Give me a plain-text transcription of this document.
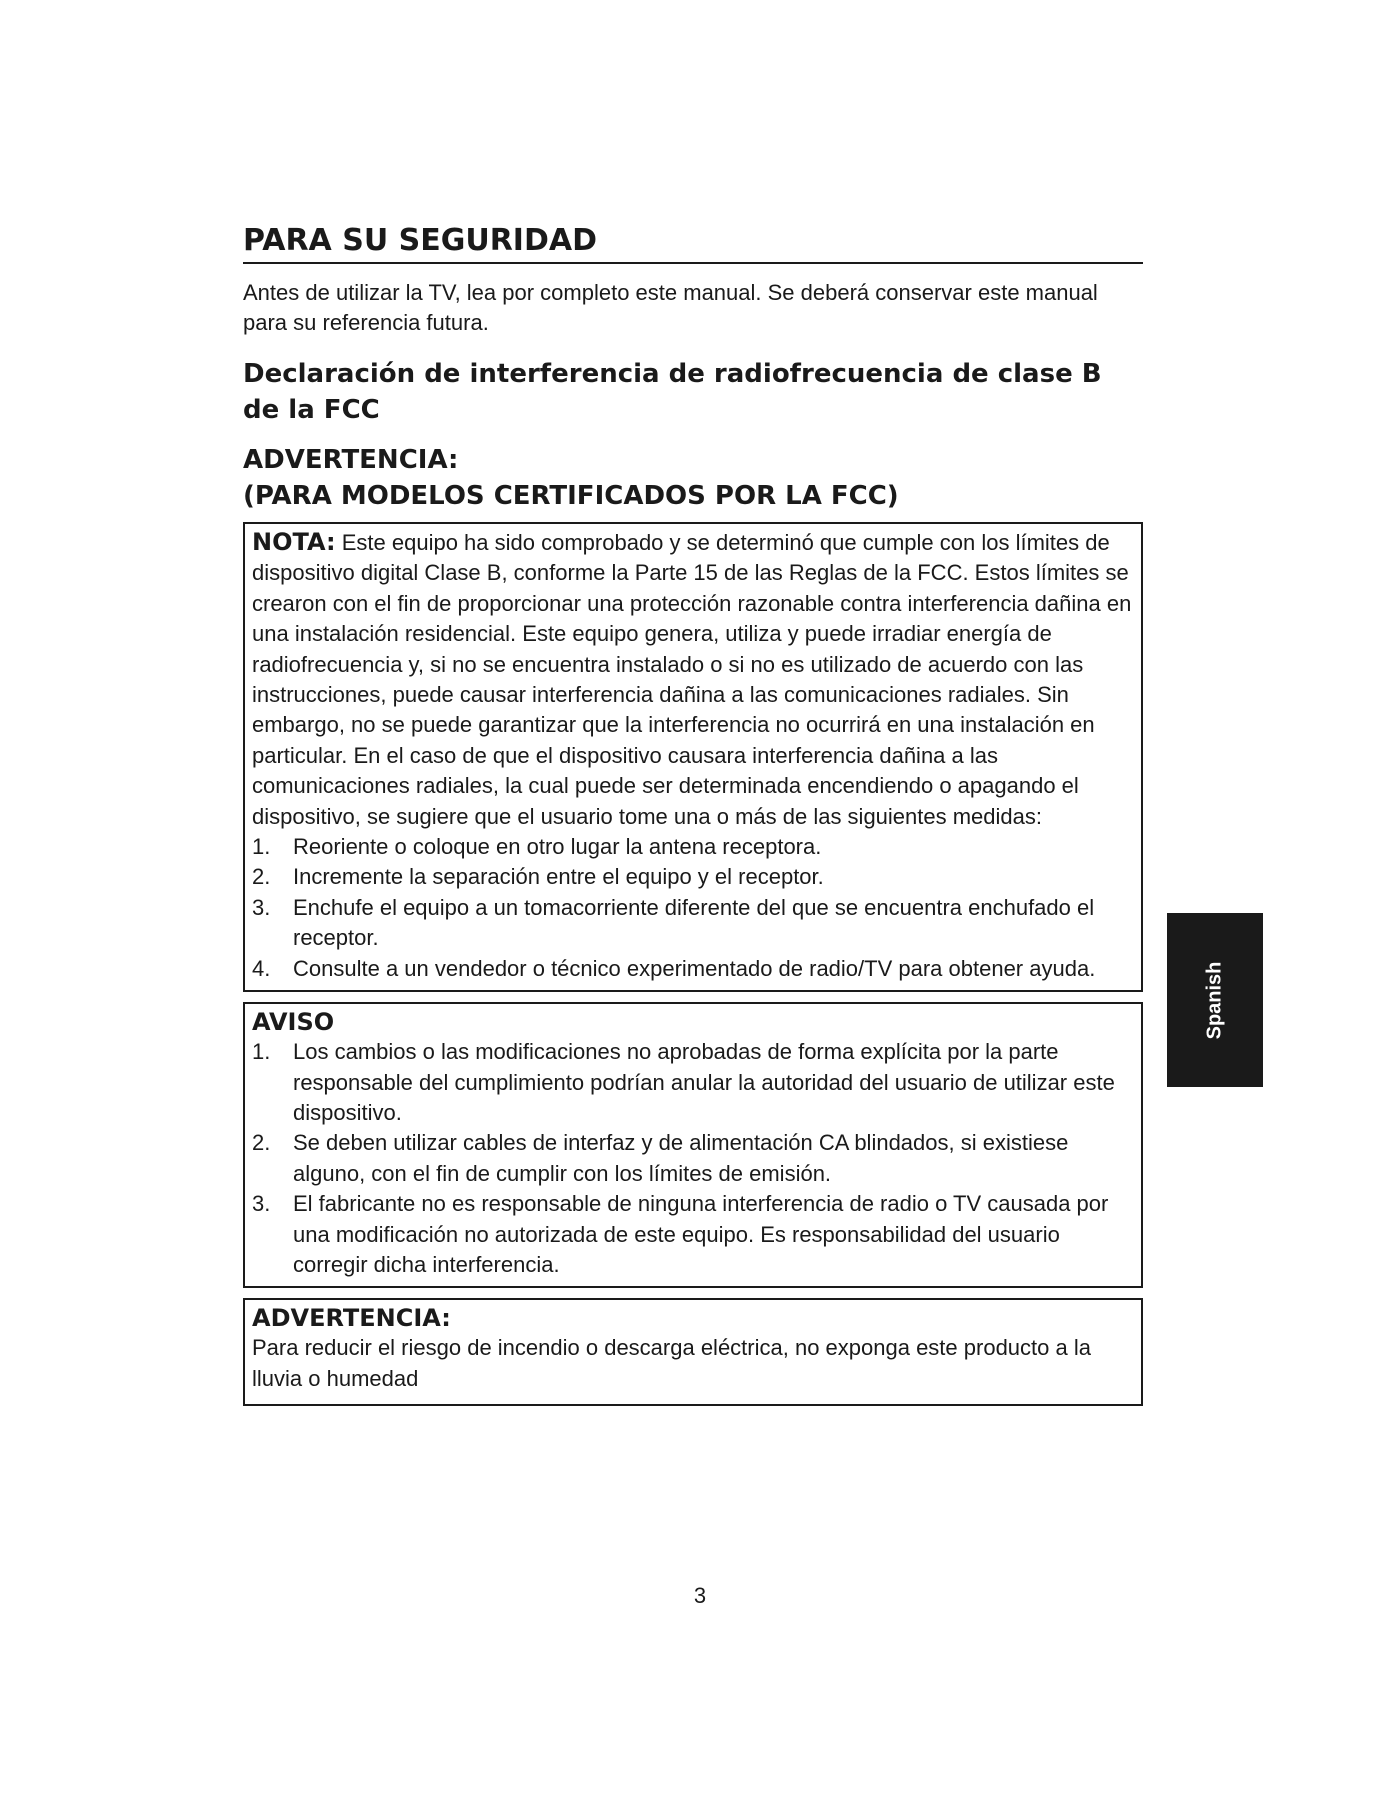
PARA SU SEGURIDAD

Antes de utilizar la TV, lea por completo este manual. Se deberá conservar este manual para su referencia futura.

Declaración de interferencia de radiofrecuencia de clase B de la FCC
ADVERTENCIA:
(PARA MODELOS CERTIFICADOS POR LA FCC)
NOTA: Este equipo ha sido comprobado y se determinó que cumple con los límites de dispositivo digital Clase B, conforme la Parte 15 de las Reglas de la FCC. Estos límites se crearon con el fin de proporcionar una protección razonable contra interferencia dañina en una instalación residencial. Este equipo genera, utiliza y puede irradiar energía de radiofrecuencia y, si no se encuentra instalado o si no es utilizado de acuerdo con las instrucciones, puede causar interferencia dañina a las comunicaciones radiales. Sin embargo, no se puede garantizar que la interferencia no ocurrirá en una instalación en particular. En el caso de que el dispositivo causara interferencia dañina a las comunicaciones radiales, la cual puede ser determinada encendiendo o apagando el dispositivo, se sugiere que el usuario tome una o más de las siguientes medidas:
1.	Reoriente o coloque en otro lugar la antena receptora.
2.	Incremente la separación entre el equipo y el receptor.
3.	Enchufe el equipo a un tomacorriente diferente del que se encuentra enchufado el receptor.
4.	Consulte a un vendedor o técnico experimentado de radio/TV para obtener ayuda.
AVISO
1.	Los cambios o las modificaciones no aprobadas de forma explícita por la parte responsable del cumplimiento podrían anular la autoridad del usuario de utilizar este dispositivo.
2.	Se deben utilizar cables de interfaz y de alimentación CA blindados, si existiese alguno, con el fin de cumplir con los límites de emisión.
3.	El fabricante no es responsable de ninguna interferencia de radio o TV causada por una modificación no autorizada de este equipo. Es responsabilidad del usuario corregir dicha interferencia.
ADVERTENCIA:
Para reducir el riesgo de incendio o descarga eléctrica, no exponga este producto a la lluvia o humedad
Spanish
3
